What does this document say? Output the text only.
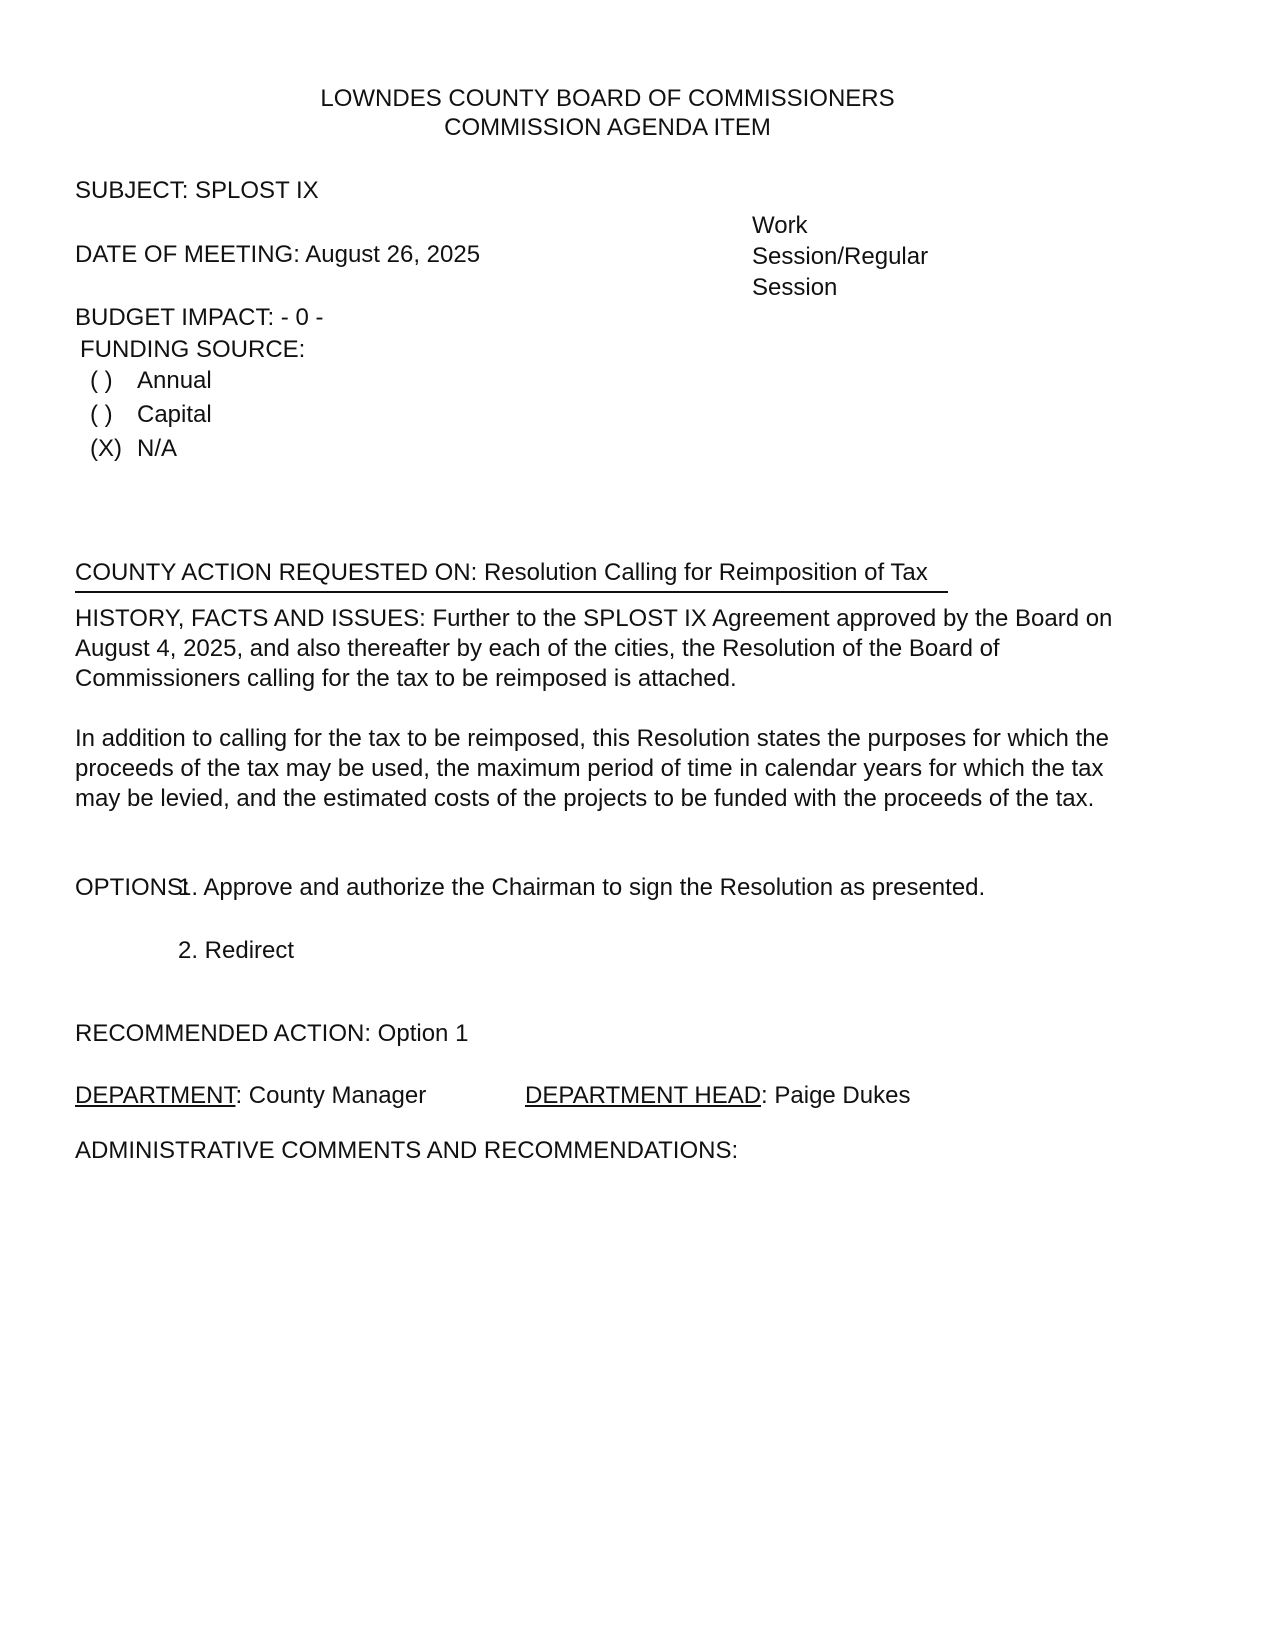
LOWNDES COUNTY BOARD OF COMMISSIONERS
COMMISSION AGENDA ITEM
SUBJECT: SPLOST IX
Work Session/Regular Session
DATE OF MEETING: August 26, 2025
BUDGET IMPACT: - 0 -
FUNDING SOURCE:
( )	Annual
( )	Capital
(X) N/A
COUNTY ACTION REQUESTED ON: Resolution Calling for Reimposition of Tax
HISTORY, FACTS AND ISSUES: Further to the SPLOST IX Agreement approved by the Board on August 4, 2025, and also thereafter by each of the cities, the Resolution of the Board of Commissioners calling for the tax to be reimposed is attached.
In addition to calling for the tax to be reimposed, this Resolution states the purposes for which the proceeds of the tax may be used, the maximum period of time in calendar years for which the tax may be levied, and the estimated costs of the projects to be funded with the proceeds of the tax.
OPTIONS:
1. Approve and authorize the Chairman to sign the Resolution as presented.
2. Redirect
RECOMMENDED ACTION: Option 1
DEPARTMENT: County Manager	DEPARTMENT HEAD: Paige Dukes
ADMINISTRATIVE COMMENTS AND RECOMMENDATIONS:
